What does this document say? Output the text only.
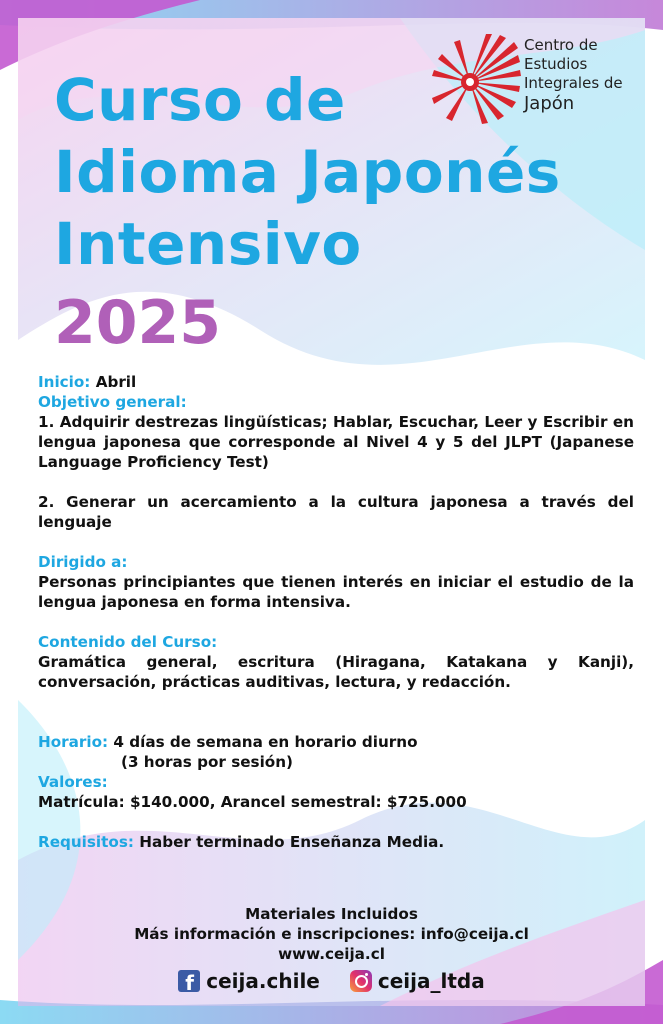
Centro de
Estudios
Integrales de
Japón
Curso de
Idioma Japonés
Intensivo
2025

Inicio: Abril

Objetivo general:

1. Adquirir destrezas lingüísticas; Hablar, Escuchar, Leer y Escribir en lengua japonesa que corresponde al Nivel 4 y 5 del JLPT (Japanese Language Proficiency Test)

2. Generar un acercamiento a la cultura japonesa a través del lenguaje

Dirigido a:

Personas principiantes que tienen interés en iniciar el estudio de la lengua japonesa en forma intensiva.

Contenido del Curso:

Gramática general, escritura (Hiragana, Katakana y Kanji), conversación, prácticas auditivas, lectura, y redacción.

Horario: 4 días de semana en horario diurno

(3 horas por sesión)

Valores:

Matrícula: $140.000, Arancel semestral: $725.000

Requisitos: Haber terminado Enseñanza Media.

Materiales Incluidos
Más información e inscripciones: info@ceija.cl
www.ceija.cl
f ceija.chile	ceija_ltda
